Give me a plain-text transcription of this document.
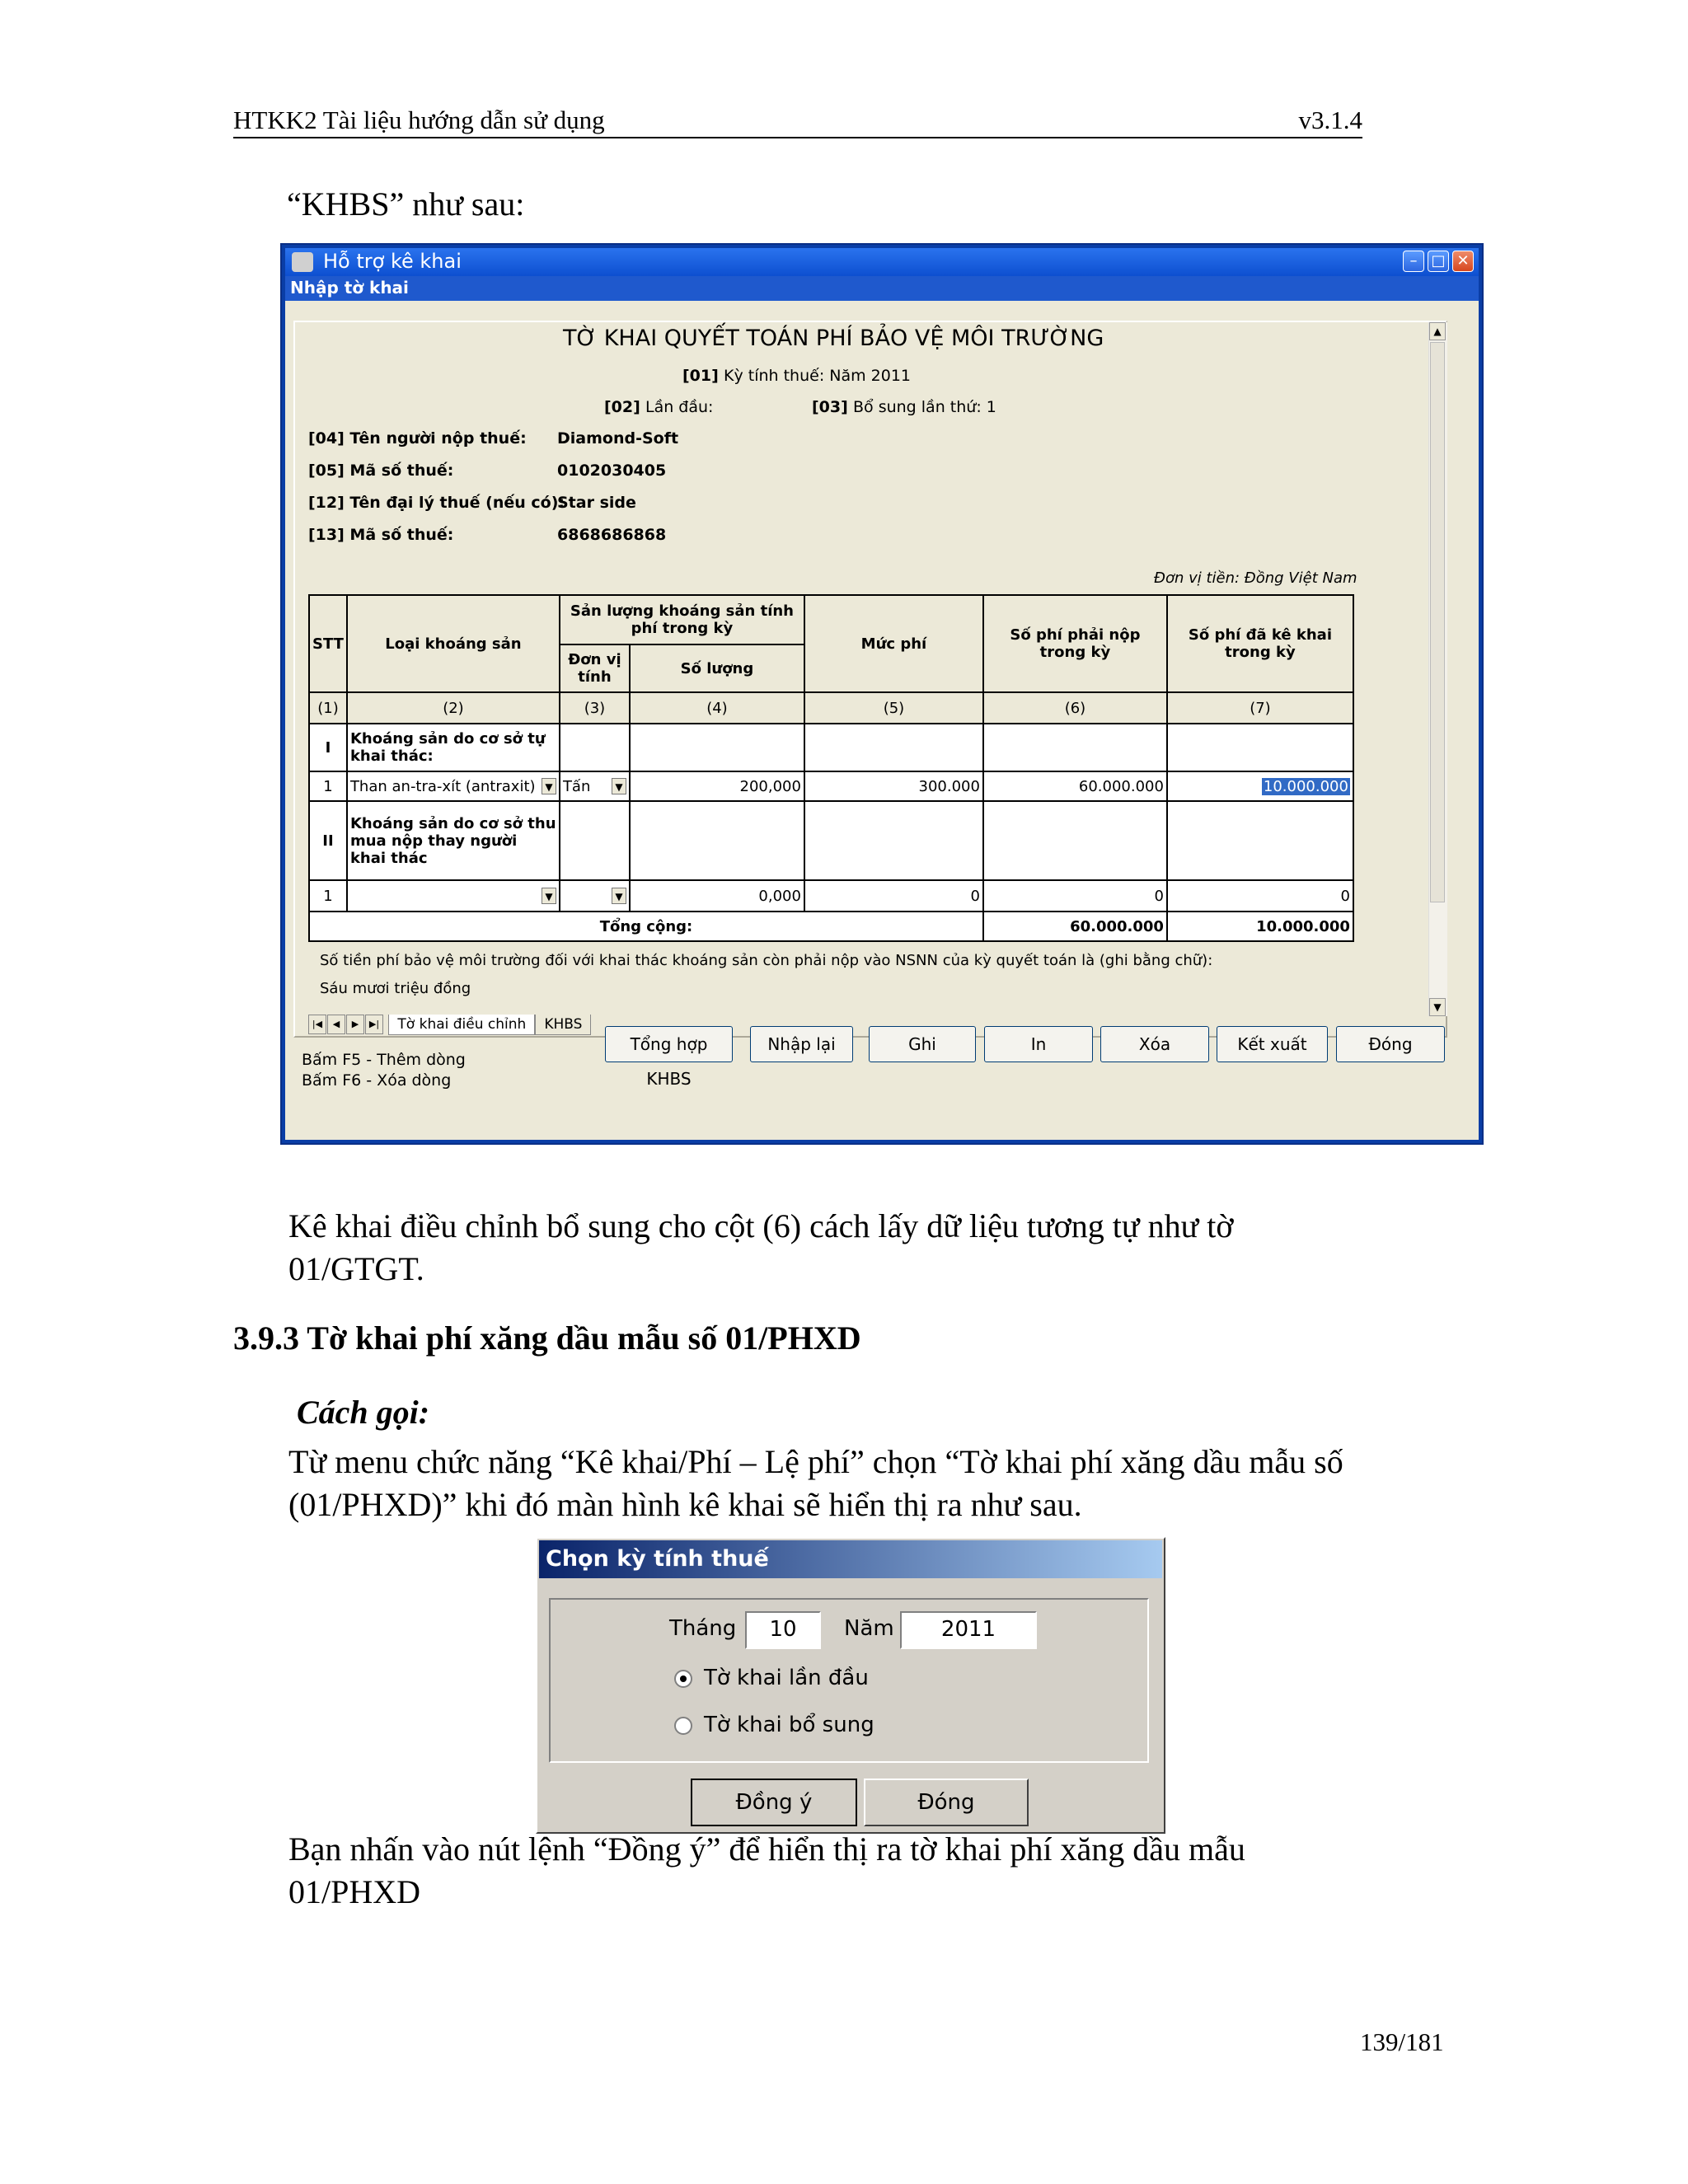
HTKK2 Tài liệu hướng dẫn sử dụng	v3.1.4
“KHBS” như sau:
Hỗ trợ kê khai	– □ ✕
Nhập tờ khai
▲
▼
TỜ KHAI QUYẾT TOÁN PHÍ BẢO VỆ MÔI TRƯỜNG
[01] Kỳ tính thuế: Năm 2011
[02] Lần đầu:	[03] Bổ sung lần thứ: 1
[04] Tên người nộp thuế: Diamond-Soft
[05] Mã số thuế:	0102030405
[12] Tên đại lý thuế (nếu có):
Star side
[13] Mã số thuế:	6868686868
Đơn vị tiền: Đồng Việt Nam
STT	Loại khoáng sản	Sản lượng khoáng sản tính phí trong kỳ		Mức phí	Số phí phải nộp trong kỳ	Số phí đã kê khai trong kỳ
		Đơn vị tính	Số lượng			
(1)	(2)	(3)	(4)	(5)	(6)	(7)
I	Khoáng sản do cơ sở tự khai thác:					
1	Than an-tra-xít (antraxit) ▼	Tấn ▼	200,000	300.000	60.000.000	10.000.000
II	Khoáng sản do cơ sở thu mua nộp thay người khai thác					
1	▼	▼	0,000	0	0	0
Tổng cộng:					60.000.000	10.000.000
Số tiền phí bảo vệ môi trường đối với khai thác khoáng sản còn phải nộp vào NSNN của kỳ quyết toán là (ghi bằng chữ):
Sáu mươi triệu đồng
|◀ ◀ ▶ ▶| Tờ khai điều chỉnh KHBS
Bấm F5 - Thêm dòng
Bấm F6 - Xóa dòng
Tổng hợp KHBS
Nhập lại	Ghi	In	Xóa	Kết xuất	Đóng
Kê khai điều chỉnh bổ sung cho cột (6) cách lấy dữ liệu tương tự như tờ
01/GTGT.
3.9.3 Tờ khai phí xăng dầu mẫu số 01/PHXD
Cách gọi:
Từ menu chức năng “Kê khai/Phí – Lệ phí” chọn “Tờ khai phí xăng dầu mẫu số
(01/PHXD)” khi đó màn hình kê khai sẽ hiển thị ra như sau.
Chọn kỳ tính thuế
Tháng	10	Năm	2011
Tờ khai lần đầu
Tờ khai bổ sung
Đồng ý	Đóng
Bạn nhấn vào nút lệnh “Đồng ý” để hiển thị ra tờ khai phí xăng dầu mẫu
01/PHXD
139/181
